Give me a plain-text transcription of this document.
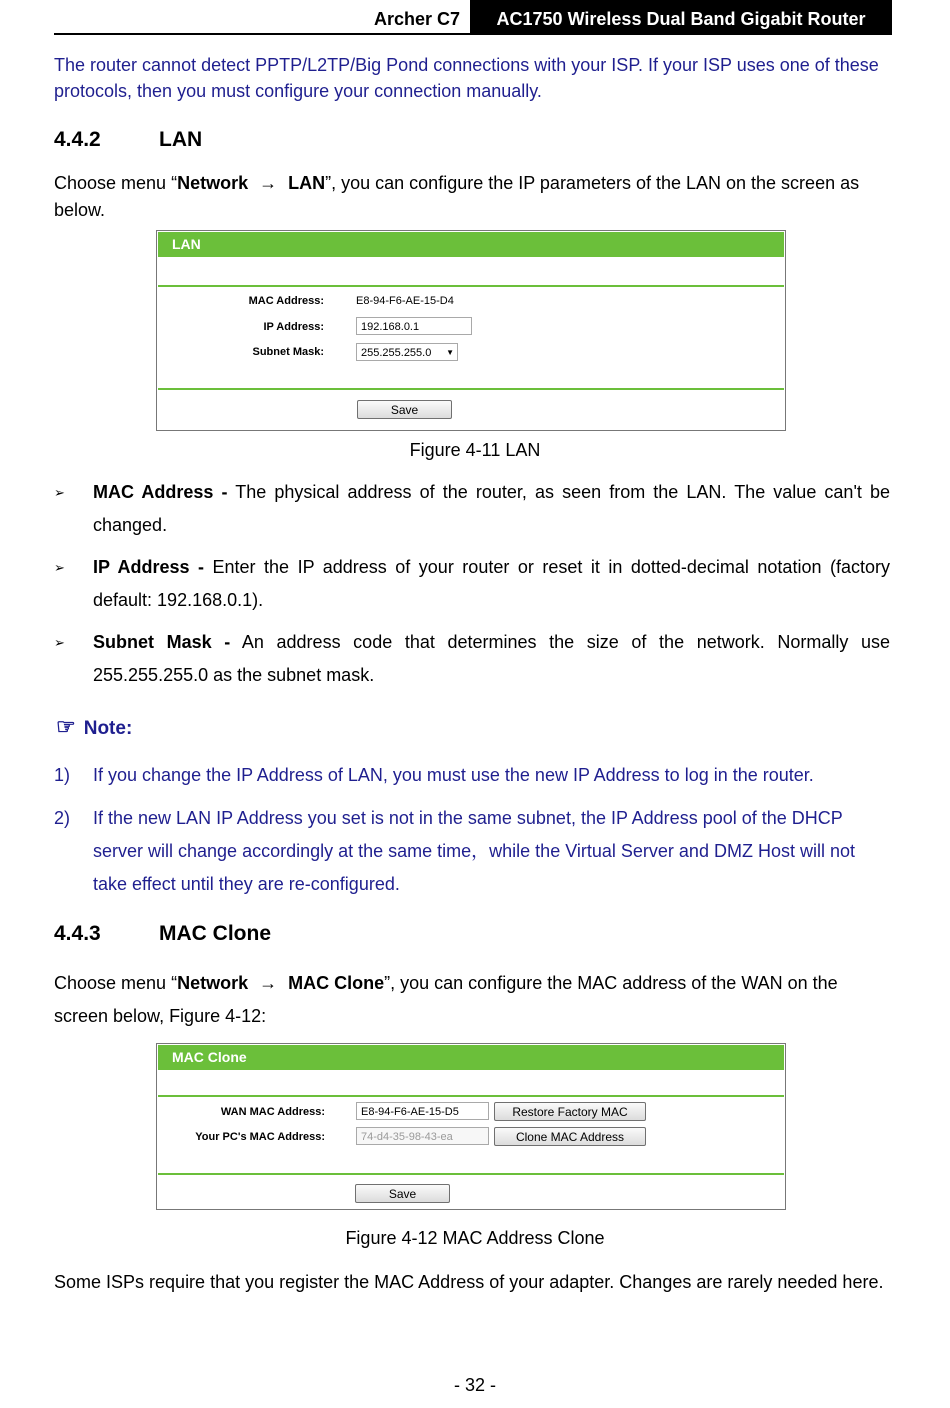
Archer C7	AC1750 Wireless Dual Band Gigabit Router
The router cannot detect PPTP/L2TP/Big Pond connections with your ISP. If your ISP uses one of these protocols, then you must configure your connection manually.
4.4.2	LAN
Choose menu “Network → LAN”, you can configure the IP parameters of the LAN on the screen as below.
LAN
MAC Address:	E8-94-F6-AE-15-D4
IP Address:	192.168.0.1
Subnet Mask:	255.255.255.0 ▼
Save
Figure 4-11 LAN
➢ MAC Address - The physical address of the router, as seen from the LAN. The value can't be changed.
➢ IP Address - Enter the IP address of your router or reset it in dotted-decimal notation (factory default: 192.168.0.1).
➢ Subnet Mask - An address code that determines the size of the network. Normally use 255.255.255.0 as the subnet mask.
☞ Note:
1) If you change the IP Address of LAN, you must use the new IP Address to log in the router.
2) If the new LAN IP Address you set is not in the same subnet, the IP Address pool of the DHCP server will change accordingly at the same time，while the Virtual Server and DMZ Host will not take effect until they are re-configured.
4.4.3	MAC Clone
Choose menu “Network → MAC Clone”, you can configure the MAC address of the WAN on the screen below, Figure 4-12:
MAC Clone
WAN MAC Address:	E8-94-F6-AE-15-D5	Restore Factory MAC
Your PC's MAC Address:	74-d4-35-98-43-ea	Clone MAC Address
Save
Figure 4-12 MAC Address Clone
Some ISPs require that you register the MAC Address of your adapter. Changes are rarely needed here.
- 32 -
